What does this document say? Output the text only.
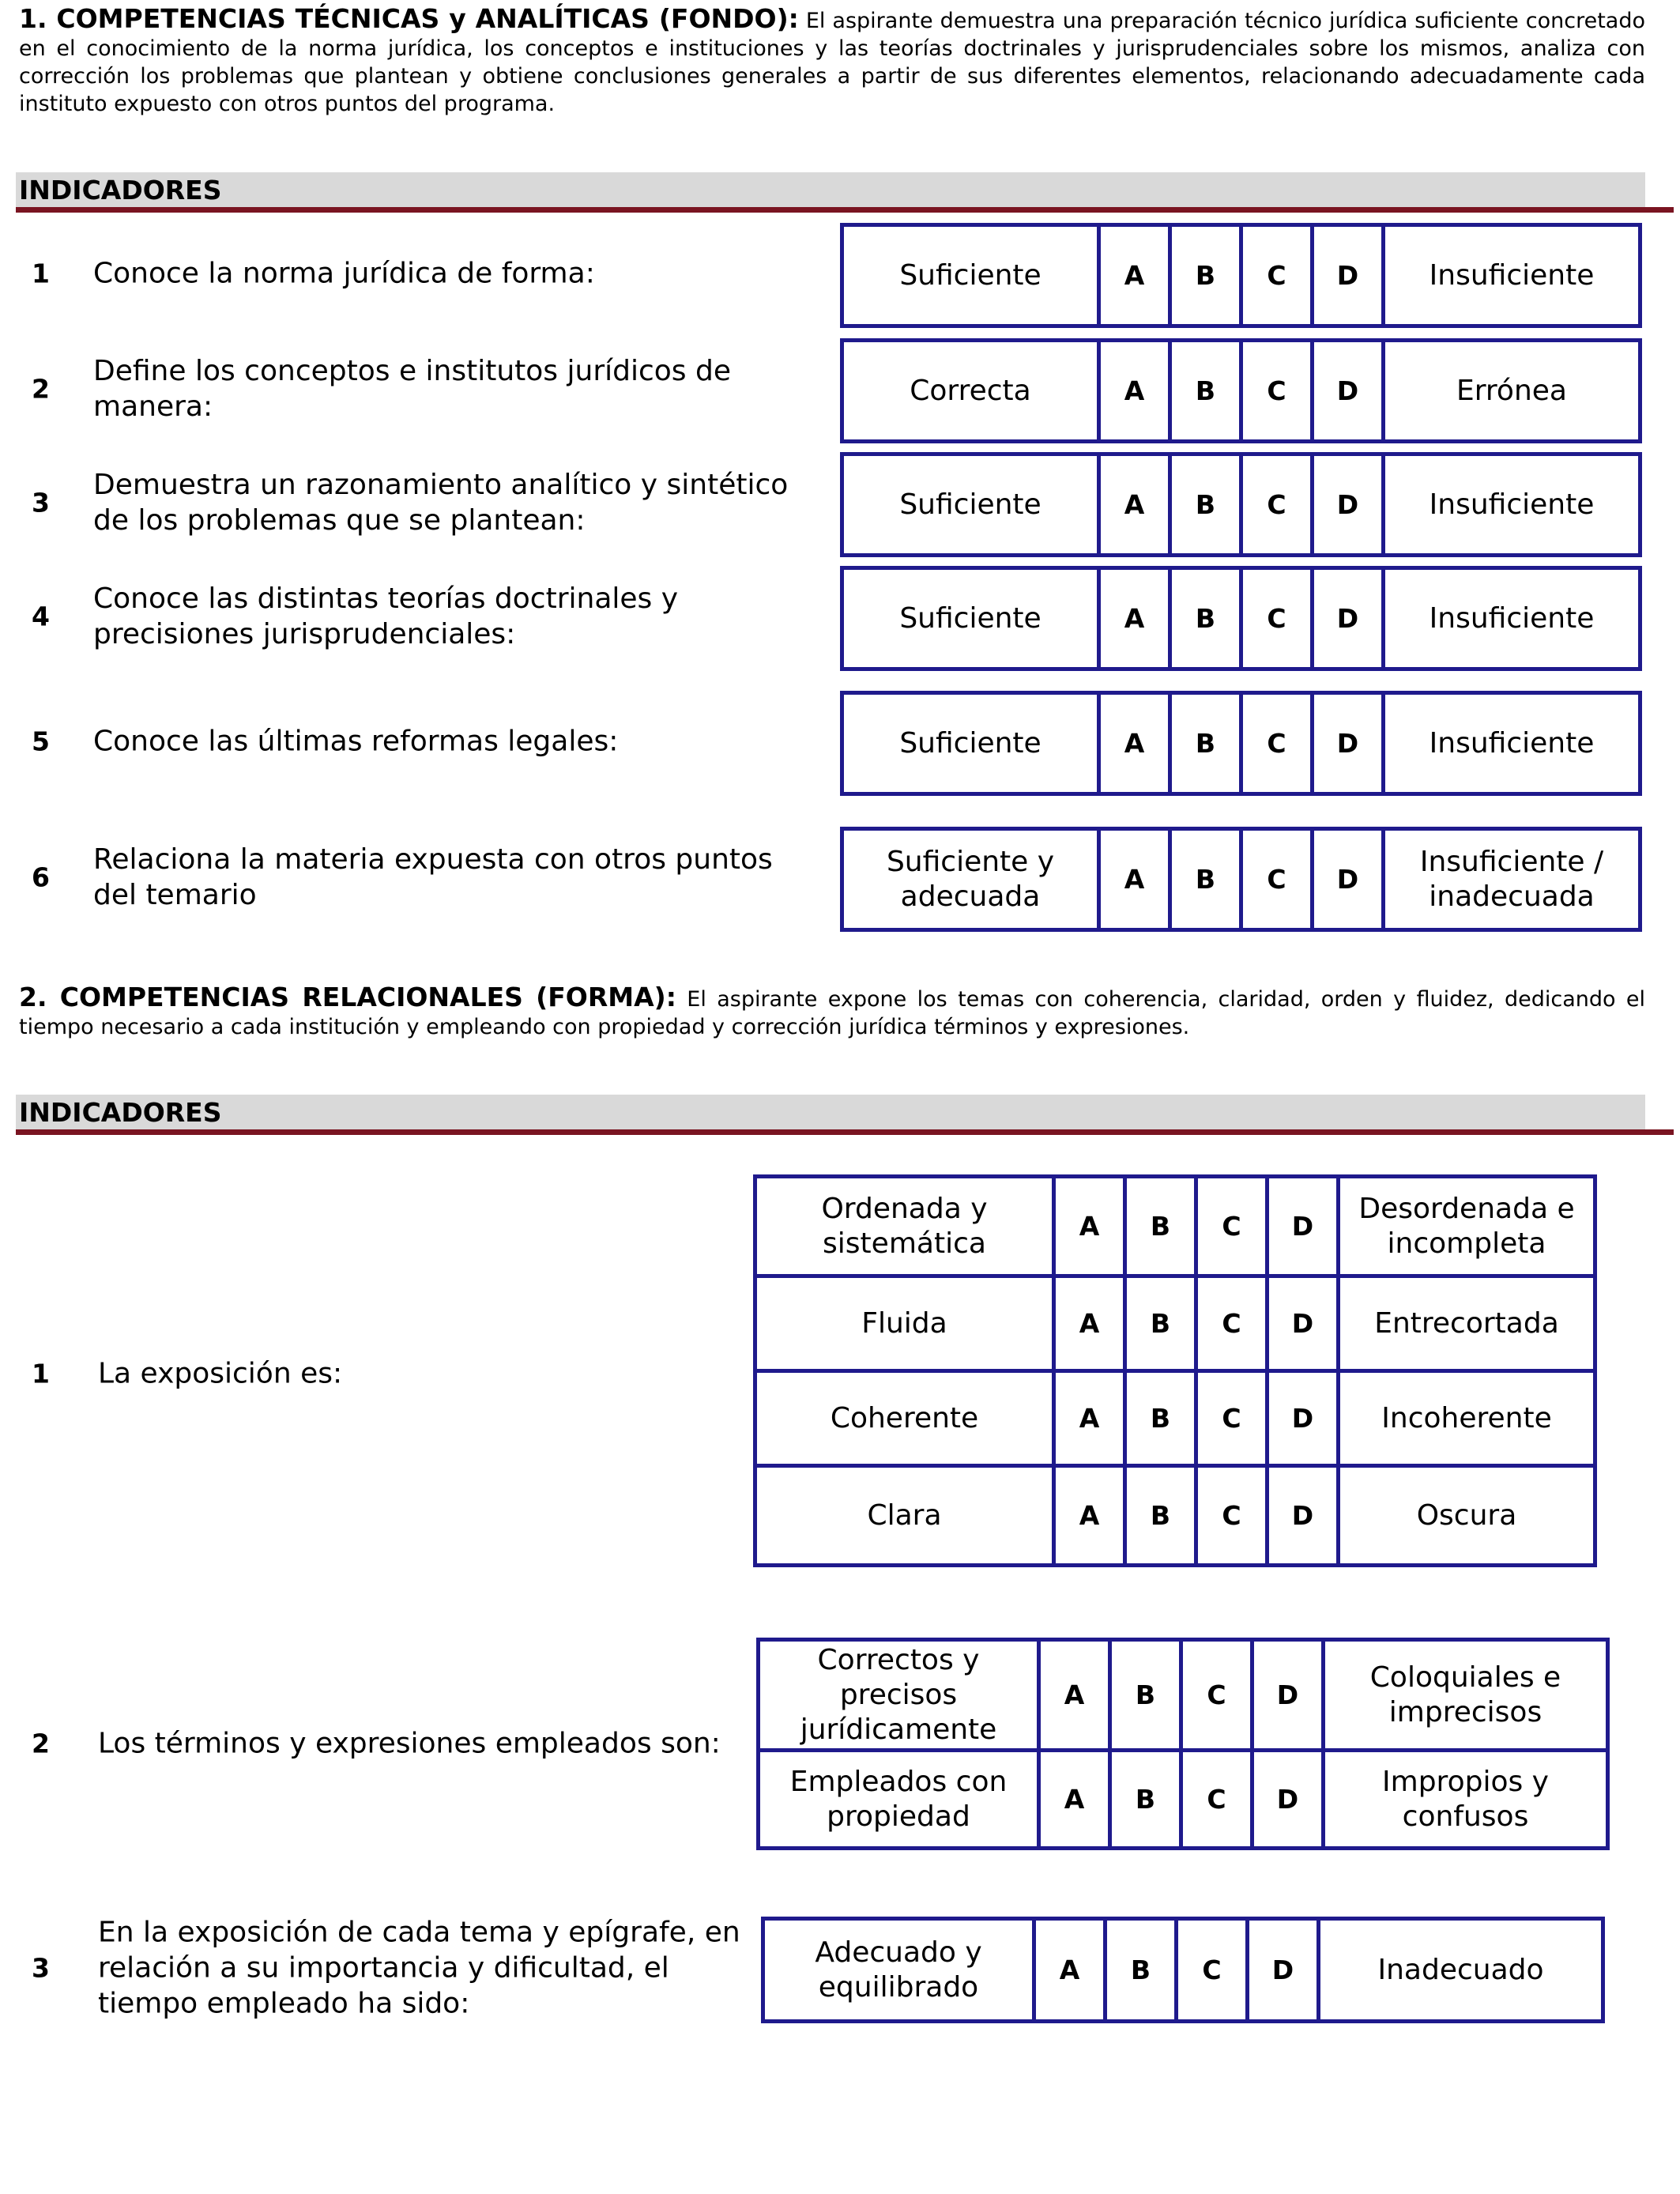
1. COMPETENCIAS TÉCNICAS y ANALÍTICAS (FONDO): El aspirante demuestra una preparación técnico jurídica suficiente concretado en el conocimiento de la norma jurídica, los conceptos e instituciones y las teorías doctrinales y jurisprudenciales sobre los mismos, analiza con corrección los problemas que plantean y obtiene conclusiones generales a partir de sus diferentes elementos, relacionando adecuadamente cada instituto expuesto con otros puntos del programa.
INDICADORES
1 Conoce la norma jurídica de forma:	Suficiente	A	B	C	D	Insuficiente
2
Define los conceptos e institutos jurídicos de manera:	Correcta	A	B	C	D	Errónea
3
Demuestra un razonamiento analítico y sintético de los problemas que se plantean:	Suficiente	A	B	C	D	Insuficiente
4
Conoce las distintas teorías doctrinales y precisiones jurisprudenciales:	Suficiente	A	B	C	D	Insuficiente
5 Conoce las últimas reformas legales:	Suficiente	A	B	C	D	Insuficiente
6
Relaciona la materia expuesta con otros puntos del temario
Suficiente y adecuada	A	B	C	D	Insuficiente / inadecuada
2. COMPETENCIAS RELACIONALES (FORMA): El aspirante expone los temas con coherencia, claridad, orden y fluidez, dedicando el tiempo necesario a cada institución y empleando con propiedad y corrección jurídica términos y expresiones.
INDICADORES
1 La exposición es:
Ordenada y sistemática	A	B	C	D	Desordenada e incompleta
Fluida	A	B	C	D	Entrecortada
Coherente	A	B	C	D	Incoherente
Clara	A	B	C	D	Oscura
2 Los términos y expresiones empleados son:
Correctos y precisos jurídicamente	A	B	C	D	Coloquiales e imprecisos
Empleados con propiedad	A	B	C	D	Impropios y confusos
3
En la exposición de cada tema y epígrafe, en relación a su importancia y dificultad, el tiempo empleado ha sido:
Adecuado y equilibrado	A	B	C	D	Inadecuado
